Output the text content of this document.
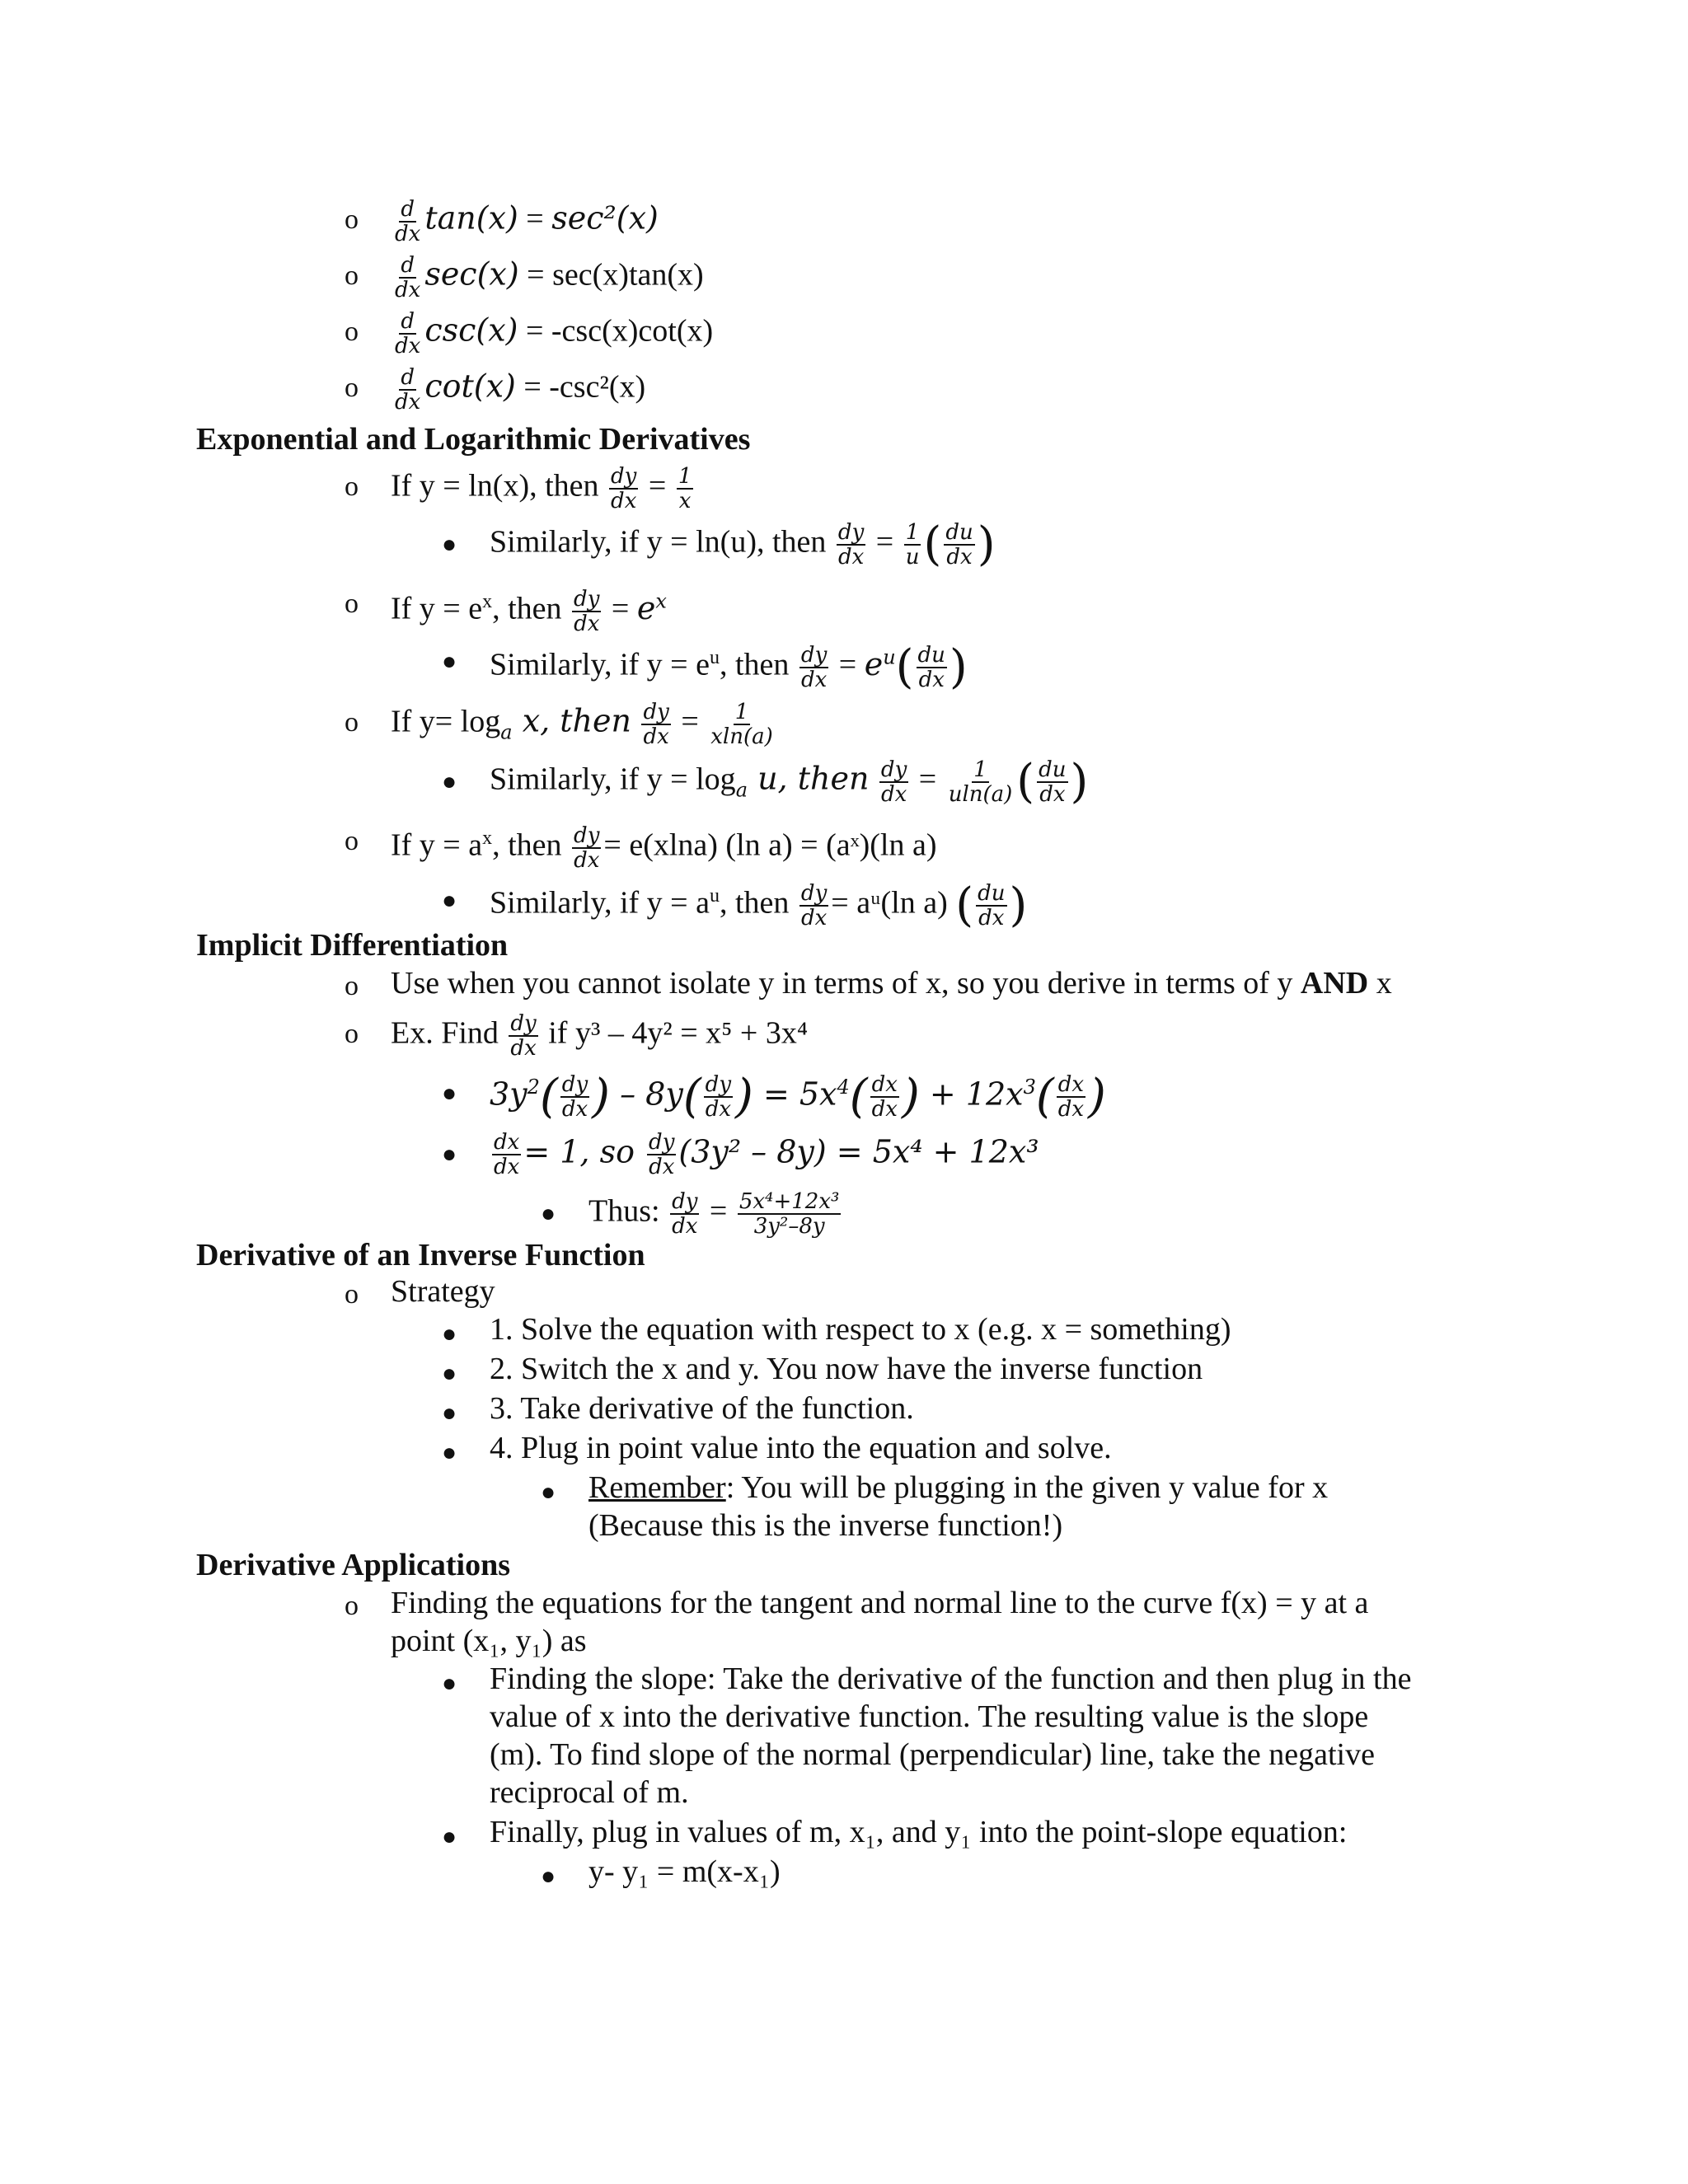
o $\frac{d}{dx} \tan(x) = \sec^2(x)$
o $\frac{d}{dx} \sec(x) = \sec(x)\tan(x)$
o $\frac{d}{dx} \csc(x) = -\csc(x)\cot(x)$
o $\frac{d}{dx} \cot(x) = -\csc^2(x)$
Exponential and Logarithmic Derivatives
o If y = ln(x), then $\frac{dy}{dx} = \frac{1}{x}$
● Similarly, if y = ln(u), then $\frac{dy}{dx} = \frac{1}{u}$ ( $\frac{du}{dx}$ )
o If $y = e^x$, then $\frac{dy}{dx} = e^x$
● Similarly, if $y = e^u$, then $\frac{dy}{dx} = e^u( \frac{du}{dx}$ )
o If $y= \log_a x$, then $\frac{dy}{dx} = \frac{1}{xln(a)}$
● Similarly, if $y = \log_a u$, then $\frac{dy}{dx} = \frac{1}{uln(a)}$ ( $\frac{du}{dx}$ )
o If $y = a^x$, then $\frac{dy}{dx} = e(xlna)$ (ln a) = (aˣ)(ln a)
● Similarly, if $y = a^u$, then $\frac{dy}{dx}$ = aᵘ(ln a) ( $\frac{du}{dx}$ )
Implicit Differentiation
o Use when you cannot isolate y in terms of x, so you derive in terms of y AND x
o Ex. Find $\frac{dy}{dx}$ if y³ – 4y² = x⁵ + 3x⁴
● $3y^2( \frac{dy}{dx}$ ) – $8y( \frac{dy}{dx}$ ) = $5x^4( \frac{dx}{dx}$ ) + $12x^3( \frac{dx}{dx}$ )
● $\frac{dx}{dx} = 1$, so $\frac{dy}{dx} (3y^2 - 8y) = 5x^4 + 12x^3$
● Thus: $\frac{dy}{dx} = \frac{\text{5x⁴+12x³}}{\text{3y²–8y}}$
Derivative of an Inverse Function
o Strategy
● 1. Solve the equation with respect to x (e.g. x = something)
● 2. Switch the x and y. You now have the inverse function
● 3. Take derivative of the function.
● 4. Plug in point value into the equation and solve.
● Remember: You will be plugging in the given y value for x
(Because this is the inverse function!)
Derivative Applications
o Finding the equations for the tangent and normal line to the curve f(x) = y at a
point (x₁, y₁) as
● Finding the slope: Take the derivative of the function and then plug in the
value of x into the derivative function. The resulting value is the slope
(m). To find slope of the normal (perpendicular) line, take the negative
reciprocal of m.
● Finally, plug in values of m, x₁, and y₁ into the point-slope equation:
● y- y₁ = m(x-x₁)
